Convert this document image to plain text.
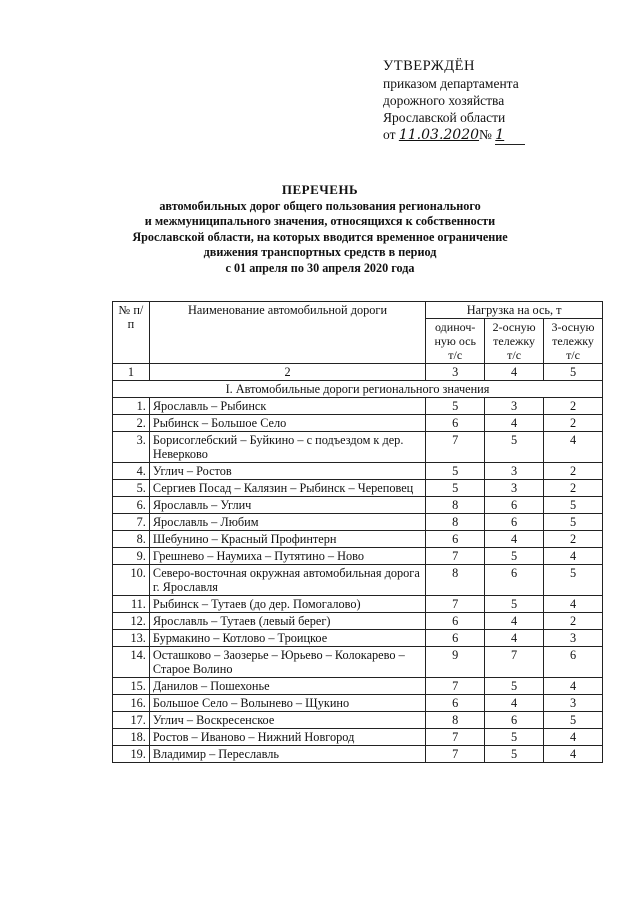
УТВЕРЖДЁН
приказом департамента
дорожного хозяйства
Ярославской области
от 11.03.2020№ 1
ПЕРЕЧЕНЬ
автомобильных дорог общего пользования регионального
и межмуниципального значения, относящихся к собственности
Ярославской области, на которых вводится временное ограничение
движения транспортных средств в период
с 01 апреля по 30 апреля 2020 года
№ п/п	Наименование автомобильной дороги	Нагрузка на ось, т		
		одиноч-ную ось т/с	2-осную тележку т/с	3-осную тележку т/с
1	2	3	4	5
I. Автомобильные дороги регионального значения				
1.	Ярославль – Рыбинск	5	3	2
2.	Рыбинск – Большое Село	6	4	2
3.	Борисоглебский – Буйкино – с подъездом к дер. Неверково	7	5	4
4.	Углич – Ростов	5	3	2
5.	Сергиев Посад – Калязин – Рыбинск – Череповец	5	3	2
6.	Ярославль – Углич	8	6	5
7.	Ярославль – Любим	8	6	5
8.	Шебунино – Красный Профинтерн	6	4	2
9.	Грешнево – Наумиха – Путятино – Ново	7	5	4
10.	Северо-восточная окружная автомобильная дорога г. Ярославля	8	6	5
11.	Рыбинск – Тутаев (до дер. Помогалово)	7	5	4
12.	Ярославль – Тутаев (левый берег)	6	4	2
13.	Бурмакино – Котлово – Троицкое	6	4	3
14.	Осташково – Заозерье – Юрьево – Колокарево – Старое Волино	9	7	6
15.	Данилов – Пошехонье	7	5	4
16.	Большое Село – Волынево – Щукино	6	4	3
17.	Углич – Воскресенское	8	6	5
18.	Ростов – Иваново – Нижний Новгород	7	5	4
19.	Владимир – Переславль	7	5	4
